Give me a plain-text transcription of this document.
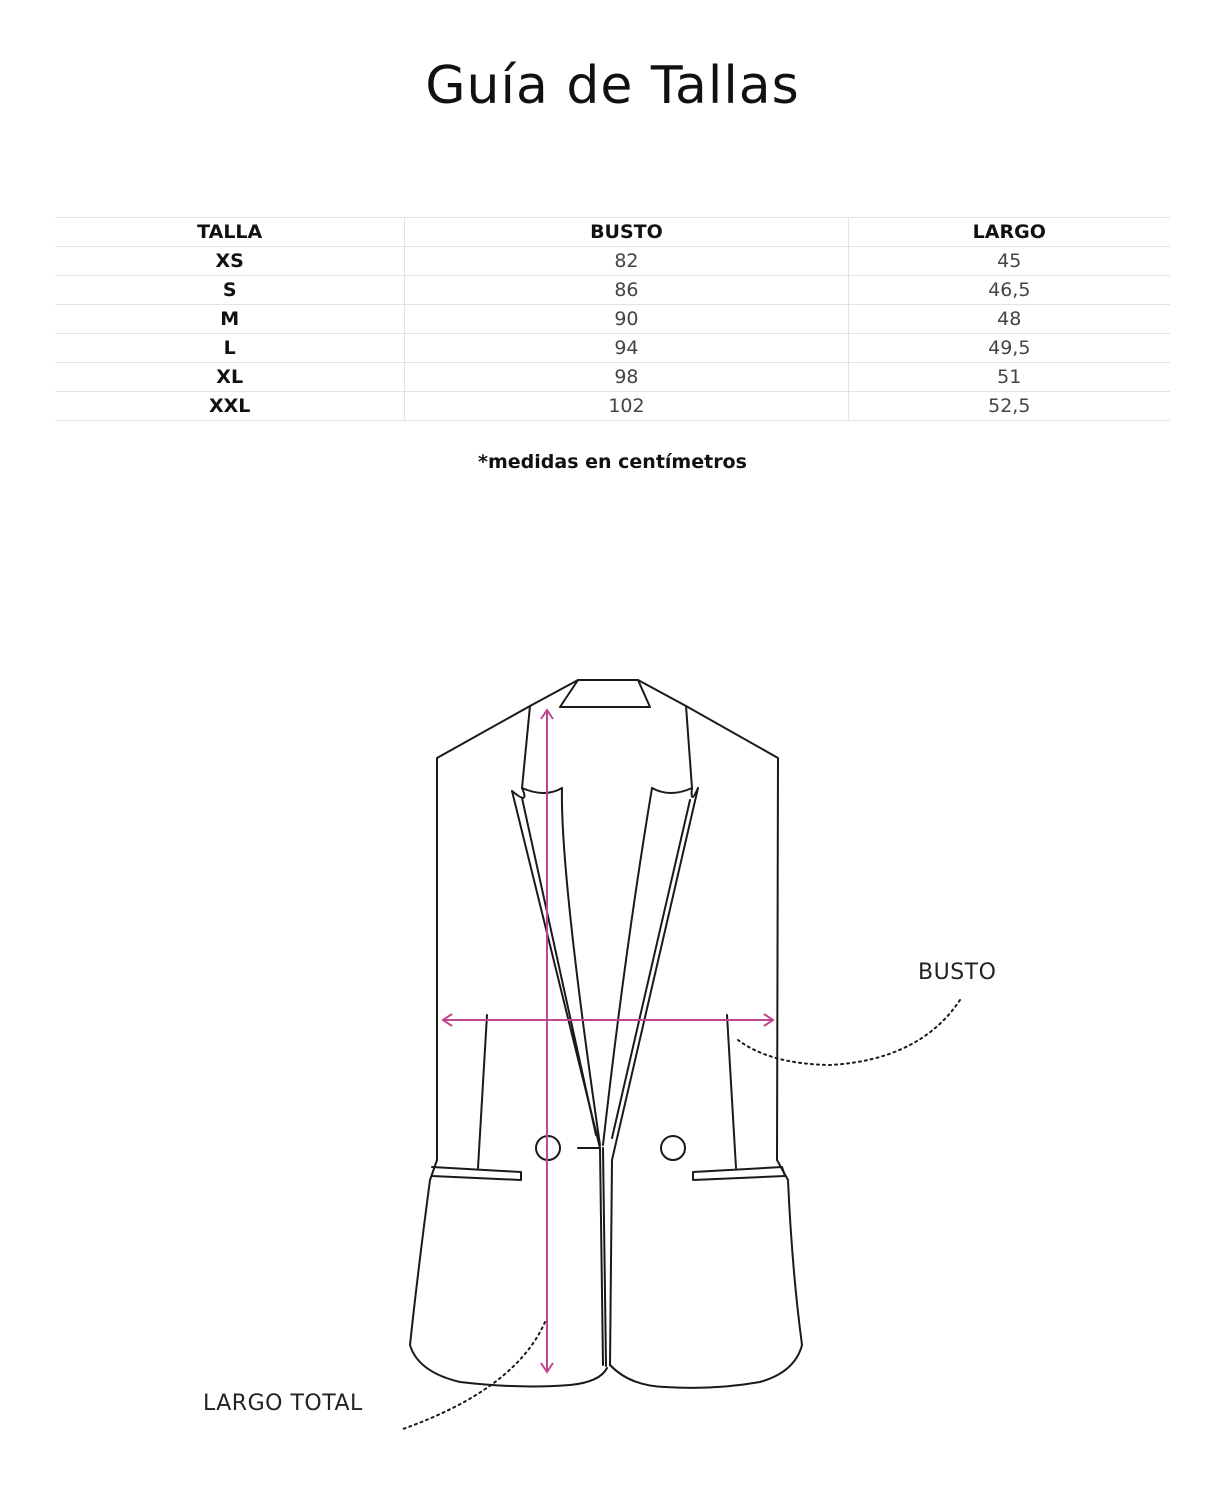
Guía de Tallas
TALLA	BUSTO	LARGO
XS	82	45
S	86	46,5
M	90	48
L	94	49,5
XL	98	51
XXL	102	52,5
*medidas en centímetros
BUSTO
LARGO TOTAL
